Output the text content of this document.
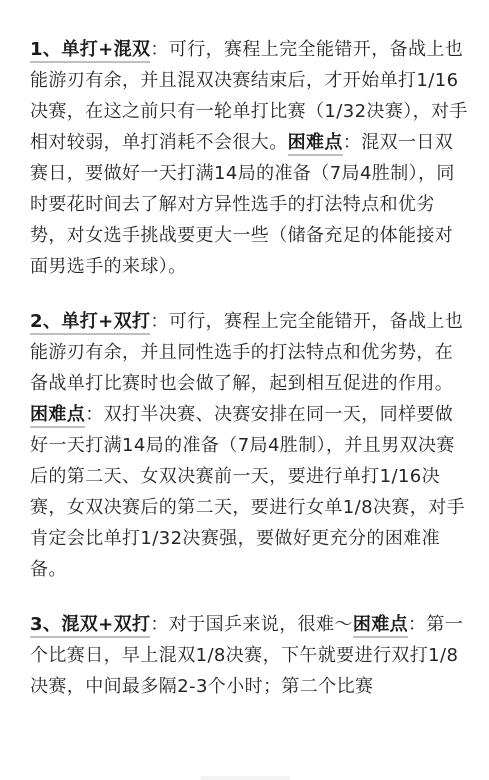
1、单打+混双：可行，赛程上完全能错开，备战上也能游刃有余，并且混双决赛结束后，才开始单打1/16决赛，在这之前只有一轮单打比赛（1/32决赛），对手相对较弱，单打消耗不会很大。困难点：混双一日双赛日，要做好一天打满14局的准备（7局4胜制），同时要花时间去了解对方异性选手的打法特点和优劣势，对女选手挑战要更大一些（储备充足的体能接对面男选手的来球）。

2、单打+双打：可行，赛程上完全能错开，备战上也能游刃有余，并且同性选手的打法特点和优劣势，在备战单打比赛时也会做了解，起到相互促进的作用。困难点：双打半决赛、决赛安排在同一天，同样要做好一天打满14局的准备（7局4胜制），并且男双决赛后的第二天、女双决赛前一天，要进行单打1/16决赛，女双决赛后的第二天，要进行女单1/8决赛，对手肯定会比单打1/32决赛强，要做好更充分的困难准备。

3、混双+双打：对于国乒来说，很难～困难点：第一个比赛日，早上混双1/8决赛，下午就要进行双打1/8决赛，中间最多隔2-3个小时；第二个比赛
